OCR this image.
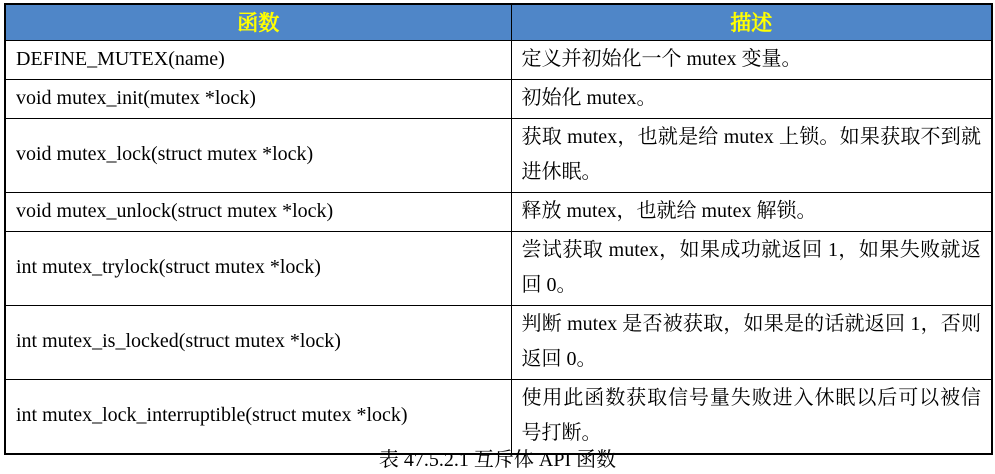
函数	描述
DEFINE_MUTEX(name)	定义并初始化一个 mutex 变量。
void mutex_init(mutex *lock)	初始化 mutex。
void mutex_lock(struct mutex *lock)	获取 mutex，也就是给 mutex 上锁。如果获取不到就进休眠。
void mutex_unlock(struct mutex *lock)	释放 mutex，也就给 mutex 解锁。
int mutex_trylock(struct mutex *lock)	尝试获取 mutex，如果成功就返回 1，如果失败就返回 0。
int mutex_is_locked(struct mutex *lock)	判断 mutex 是否被获取，如果是的话就返回 1，否则返回 0。
int mutex_lock_interruptible(struct mutex *lock)	使用此函数获取信号量失败进入休眠以后可以被信号打断。
表 47.5.2.1 互斥体 API 函数
